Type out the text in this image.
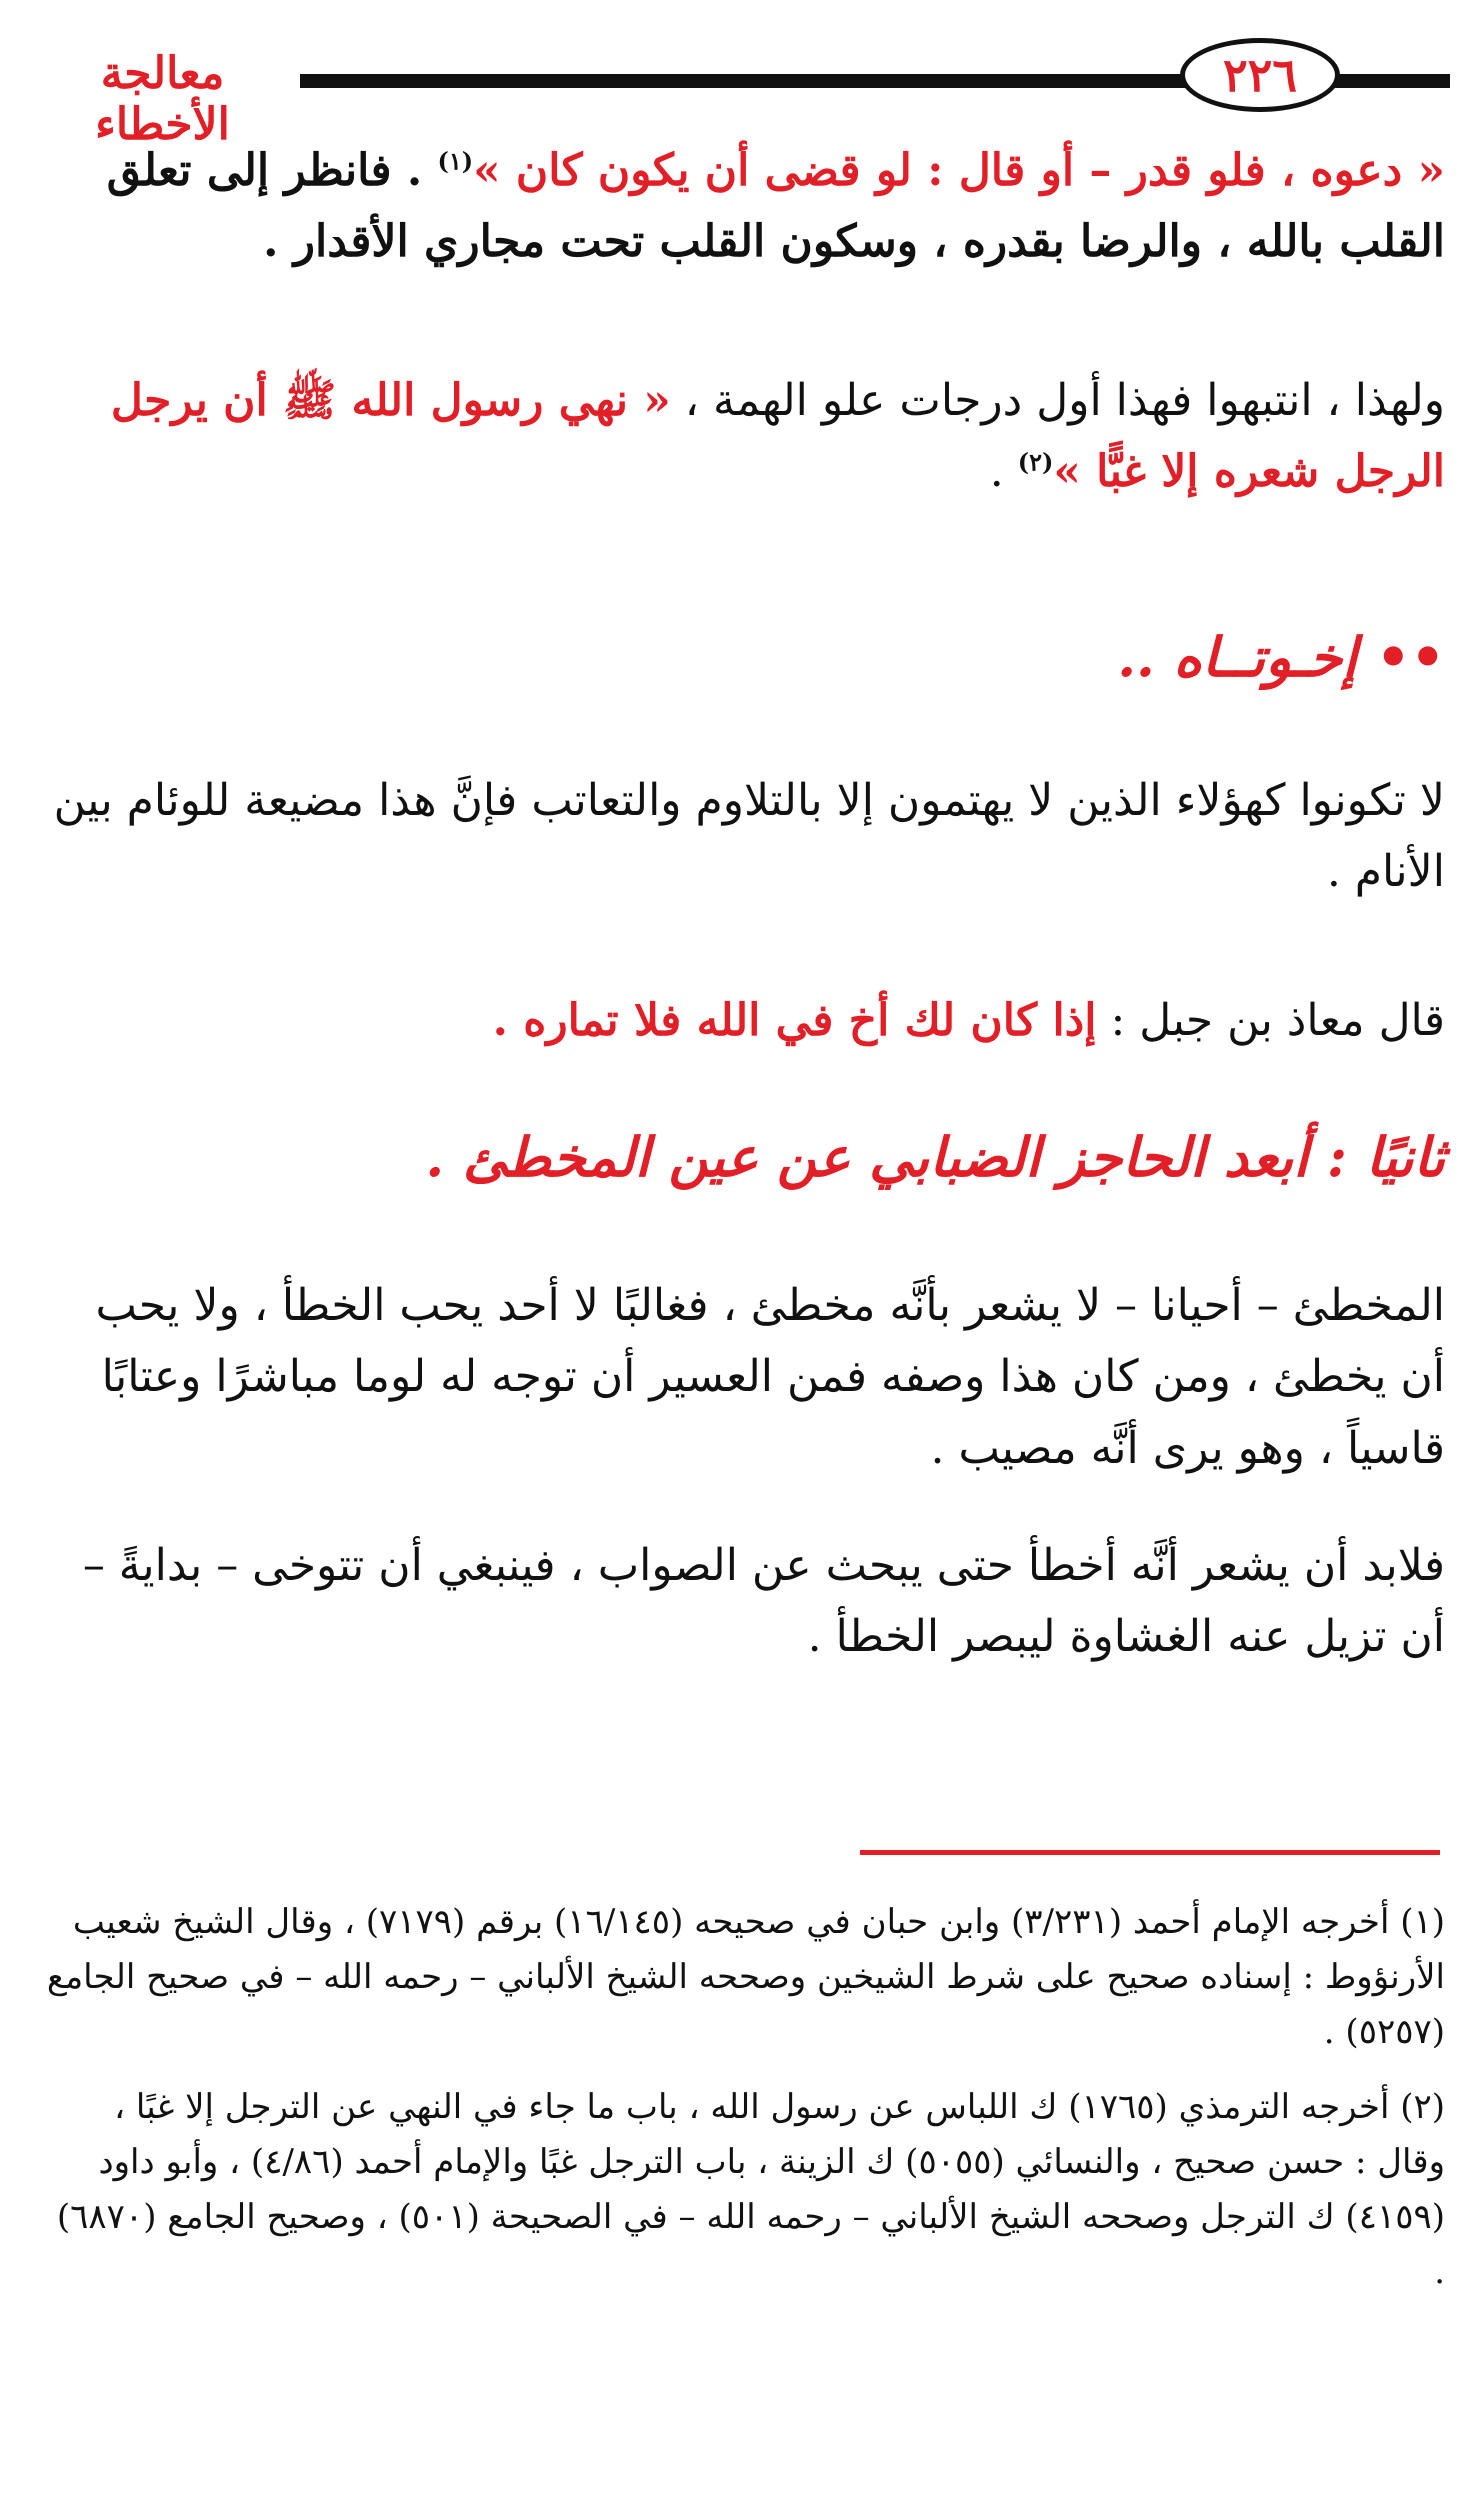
معالجة الأخطاء
٢٢٦
« دعوه ، فلو قدر – أو قال : لو قضى أن يكون كان »$^{(١)}$ . فانظر إلى تعلق القلب بالله ، والرضا بقدره ، وسكون القلب تحت مجاري الأقدار .
ولهذا ، انتبهوا فهذا أول درجات علو الهمة ، « نهي رسول الله ﷺ أن يرجل الرجل شعره إلا غبًّا »$^{(٢)}$ .
•• إخـوتــاه ..
لا تكونوا كهؤلاء الذين لا يهتمون إلا بالتلاوم والتعاتب فإنَّ هذا مضيعة للوئام بين الأنام .
قال معاذ بن جبل : إذا كان لك أخ في الله فلا تماره .
ثانيًا : أبعد الحاجز الضبابي عن عين المخطئ .
المخطئ – أحيانا – لا يشعر بأنَّه مخطئ ، فغالبًا لا أحد يحب الخطأ ، ولا يحب أن يخطئ ، ومن كان هذا وصفه فمن العسير أن توجه له لوما مباشرًا وعتابًا قاسياً ، وهو يرى أنَّه مصيب .
فلابد أن يشعر أنَّه أخطأ حتى يبحث عن الصواب ، فينبغي أن تتوخى – بدايةً – أن تزيل عنه الغشاوة ليبصر الخطأ .
(١) أخرجه الإمام أحمد (٣/٢٣١) وابن حبان في صحيحه (١٦/١٤٥) برقم (٧١٧٩) ، وقال الشيخ شعيب الأرنؤوط : إسناده صحيح على شرط الشيخين وصححه الشيخ الألباني – رحمه الله – في صحيح الجامع (٥٢٥٧) .
(٢) أخرجه الترمذي (١٧٦٥) ك اللباس عن رسول الله ، باب ما جاء في النهي عن الترجل إلا غبًا ، وقال : حسن صحيح ، والنسائي (٥٠٥٥) ك الزينة ، باب الترجل غبًا والإمام أحمد (٤/٨٦) ، وأبو داود (٤١٥٩) ك الترجل وصححه الشيخ الألباني – رحمه الله – في الصحيحة (٥٠١) ، وصحيح الجامع (٦٨٧٠) .
